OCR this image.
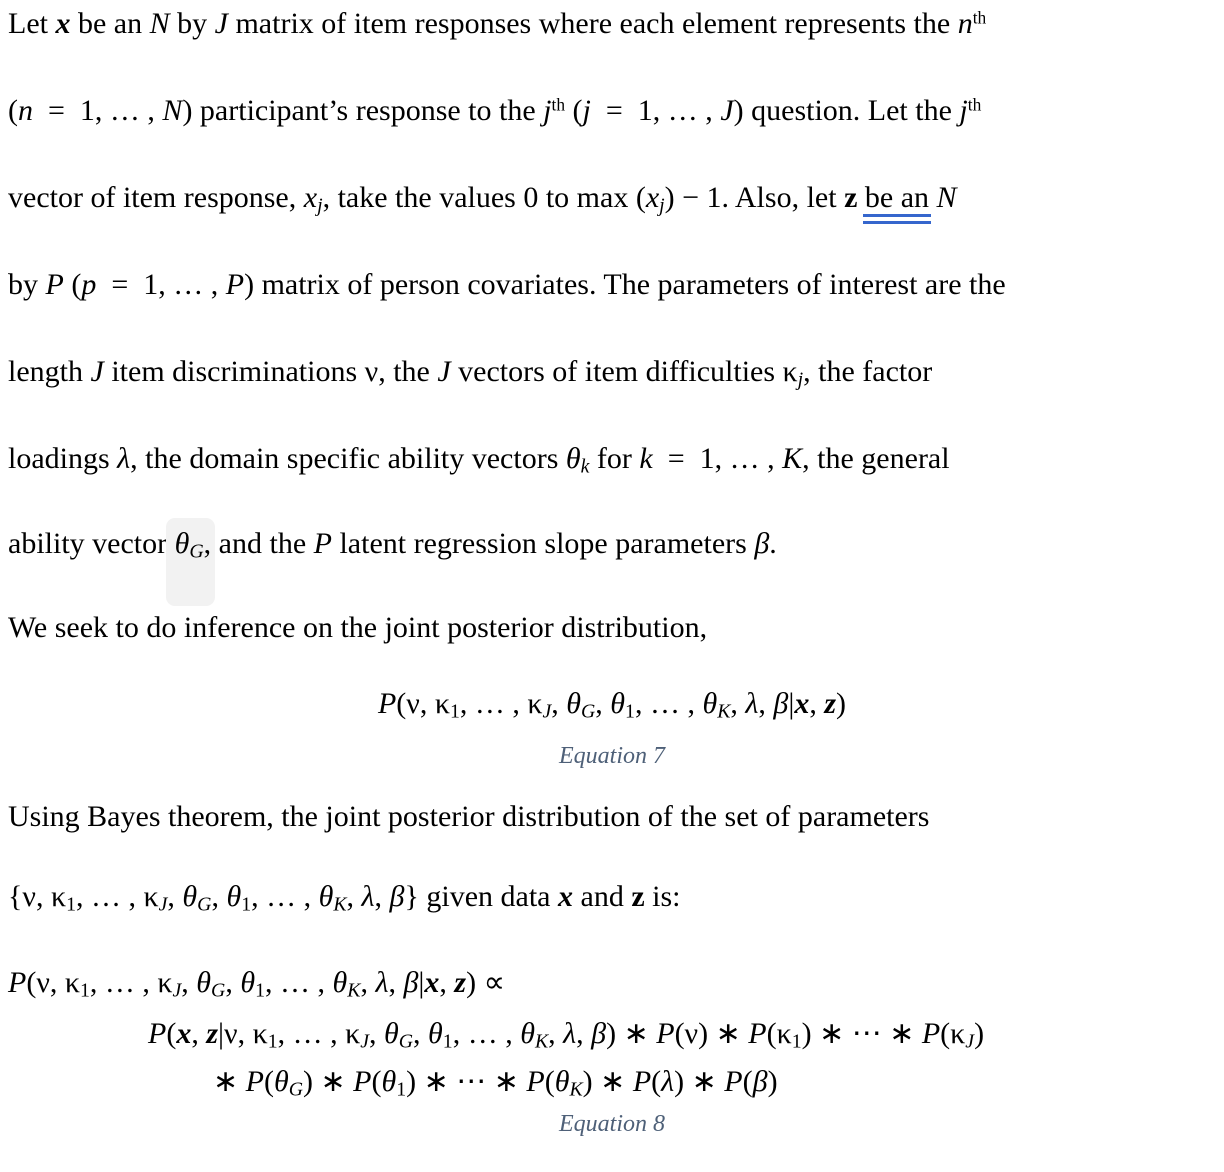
Equation 7
Equation 8
Let x be an N by J matrix of item responses where each element represents the $n^{th}$
(n = 1, … , N) participant’s response to the $j^{th}$ (j = 1, … , J) question. Let the $j^{th}$
vector of item response, $x_j$, take the values 0 to $\max (x_j) - 1$. Also, let z be an N
by P (p = 1, … , P) matrix of person covariates. The parameters of interest are the
length J item discriminations ν, the J vectors of item difficulties $\kappa_j$, the factor
loadings λ, the domain specific ability vectors $\theta_k$ for k = 1, … , K, the general
ability vector $\theta_G$, and the P latent regression slope parameters β.
We seek to do inference on the joint posterior distribution,
P(ν, $\kappa_1$, … , $\kappa_J$, $\theta_G$, $\theta_1$, … , $\theta_K$, λ, β|x, z)
Using Bayes theorem, the joint posterior distribution of the set of parameters
{ν, $\kappa_1$, … , $\kappa_J$, $\theta_G$, $\theta_1$, … , $\theta_K$, λ, β} given data x and z is:
P(ν, $\kappa_1$, … , $\kappa_J$, $\theta_G$, $\theta_1$, … , $\theta_K$, λ, β|x, z) ∝
P(x, z|ν, $\kappa_1$, … , $\kappa_J$, $\theta_G$, $\theta_1$, … , $\theta_K$, λ, β) ∗ P(ν) ∗ $P(\kappa_1)$ ∗ ⋯ ∗ $P(\kappa_J)$
∗ $P(\theta_G)$ ∗ $P(\theta_1)$ ∗ ⋯ ∗ $P(\theta_K)$ ∗ P(λ) ∗ P(β)
